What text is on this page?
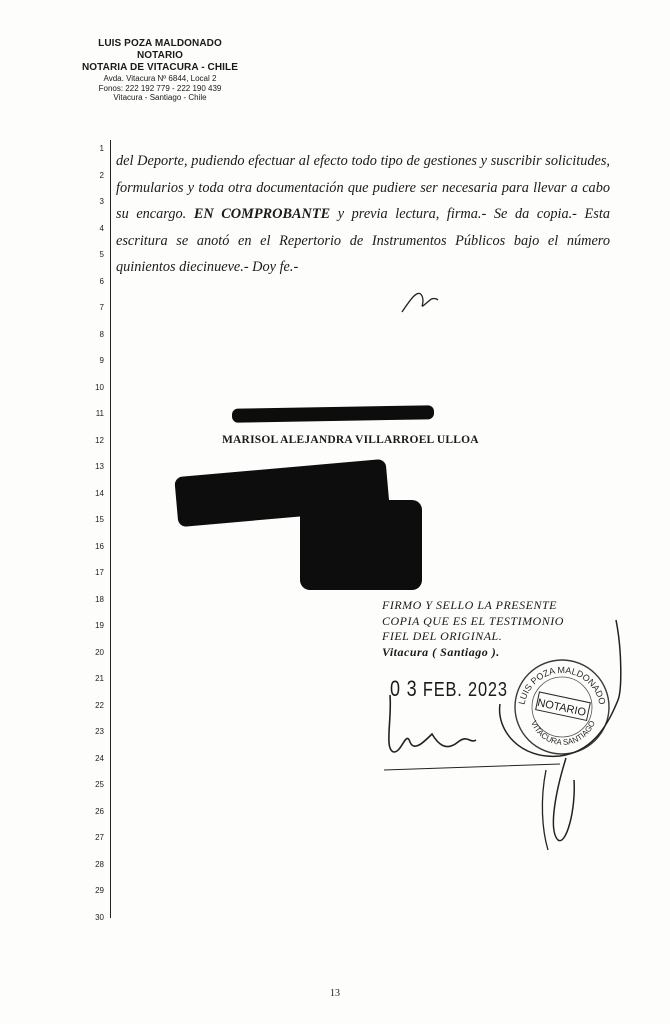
LUIS POZA MALDONADO
NOTARIO
NOTARIA DE VITACURA - CHILE
Avda. Vitacura Nº 6844, Local 2
Fonos: 222 192 779 - 222 190 439
Vitacura - Santiago - Chile
1
2
3
4
5
6
7
8
9
10
11
12
13
14
15
16
17
18
19
20
21
22
23
24
25
26
27
28
29
30
del Deporte, pudiendo efectuar al efecto todo tipo de gestiones y suscribir solicitudes, formularios y toda otra documentación que pudiere ser necesaria para llevar a cabo su encargo. EN COMPROBANTE y previa lectura, firma.- Se da copia.- Esta escritura se anotó en el Repertorio de Instrumentos Públicos bajo el número quinientos diecinueve.- Doy fe.-
MARISOL ALEJANDRA VILLARROEL ULLOA
FIRMO Y SELLO LA PRESENTE
COPIA QUE ES EL TESTIMONIO
FIEL DEL ORIGINAL.
Vitacura ( Santiago ).
0 3 FEB. 2023
LUIS POZA MALDONADO
VITACURA SANTIAGO
NOTARIO
13
